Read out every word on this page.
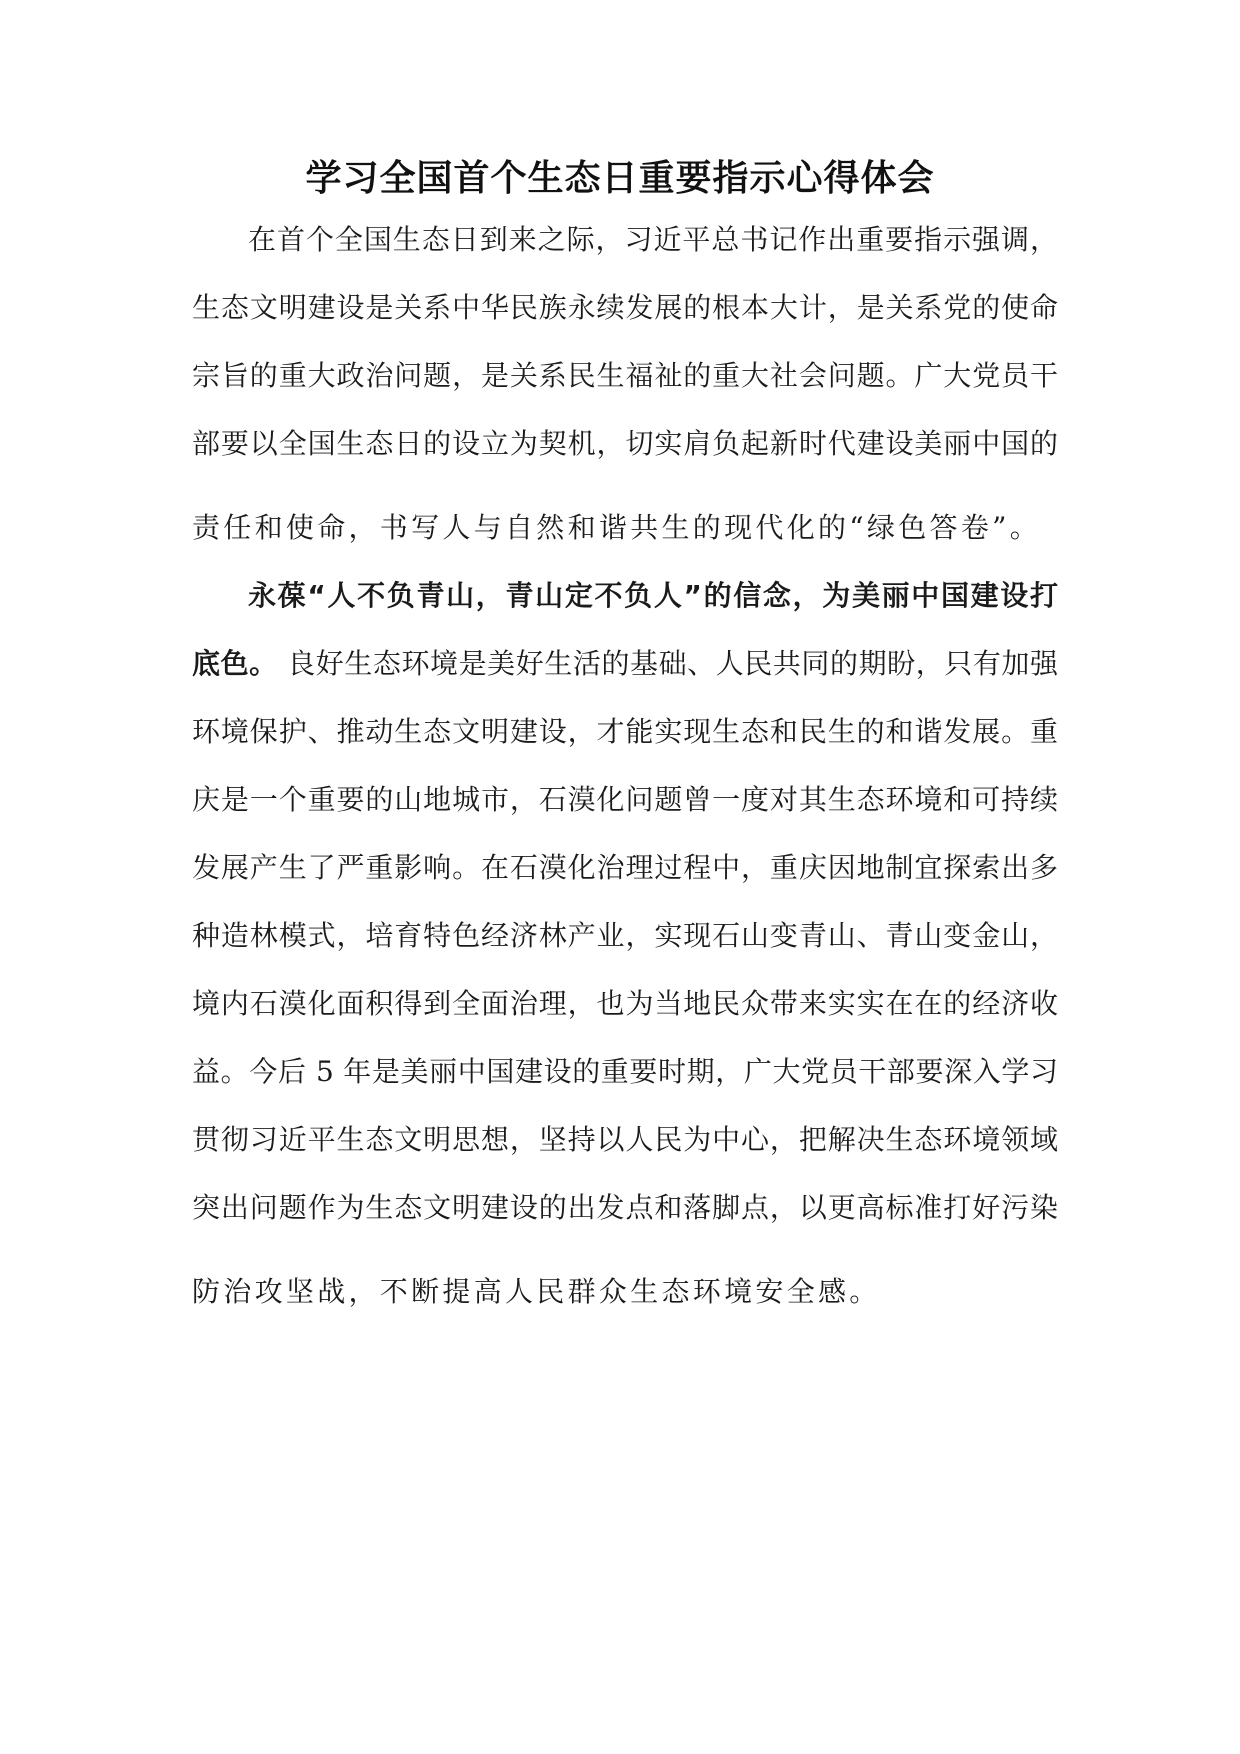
学习全国首个生态日重要指示心得体会
在首个全国生态日到来之际，习近平总书记作出重要指示强调，
生态文明建设是关系中华民族永续发展的根本大计，是关系党的使命
宗旨的重大政治问题，是关系民生福祉的重大社会问题。广大党员干
部要以全国生态日的设立为契机，切实肩负起新时代建设美丽中国的
责任和使命，书写人与自然和谐共生的现代化的“绿色答卷”。
永葆“人不负青山，青山定不负人”的信念，为美丽中国建设打
底色。 良好生态环境是美好生活的基础、人民共同的期盼，只有加强
环境保护、推动生态文明建设，才能实现生态和民生的和谐发展。重
庆是一个重要的山地城市，石漠化问题曾一度对其生态环境和可持续
发展产生了严重影响。在石漠化治理过程中，重庆因地制宜探索出多
种造林模式，培育特色经济林产业，实现石山变青山、青山变金山，
境内石漠化面积得到全面治理，也为当地民众带来实实在在的经济收
益。今后 5 年是美丽中国建设的重要时期，广大党员干部要深入学习
贯彻习近平生态文明思想，坚持以人民为中心，把解决生态环境领域
突出问题作为生态文明建设的出发点和落脚点，以更高标准打好污染
防治攻坚战，不断提高人民群众生态环境安全感。
